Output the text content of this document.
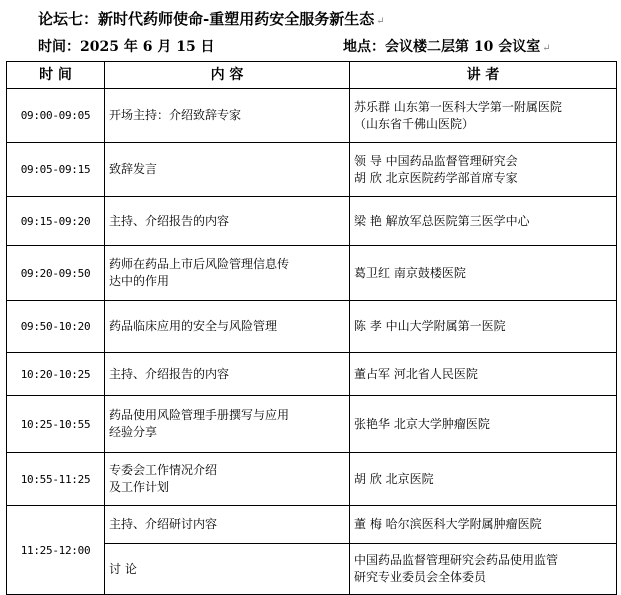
论坛七：新时代药师使命-重塑用药安全服务新生态 ↵
时间：2025 年 6 月 15 日	地点：会议楼二层第 10 会议室 ↵
时 间	内 容	讲 者
09:00-09:05	开场主持：介绍致辞专家	苏乐群 山东第一医科大学第一附属医院
（山东省千佛山医院）

09:05-09:15	致辞发言	领 导 中国药品监督管理研究会
胡 欣 北京医院药学部首席专家

09:15-09:20	主持、介绍报告的内容	梁 艳 解放军总医院第三医学中心

09:20-09:50	药师在药品上市后风险管理信息传
达中的作用	葛卫红 南京鼓楼医院

09:50-10:20	药品临床应用的安全与风险管理	陈 孝 中山大学附属第一医院

10:20-10:25	主持、介绍报告的内容	董占军 河北省人民医院

10:25-10:55	药品使用风险管理手册撰写与应用
经验分享	张艳华 北京大学肿瘤医院

10:55-11:25	专委会工作情况介绍
及工作计划	胡 欣 北京医院

11:25-12:00	主持、介绍研讨内容	董 梅 哈尔滨医科大学附属肿瘤医院

	讨 论	中国药品监督管理研究会药品使用监管
研究专业委员会全体委员
